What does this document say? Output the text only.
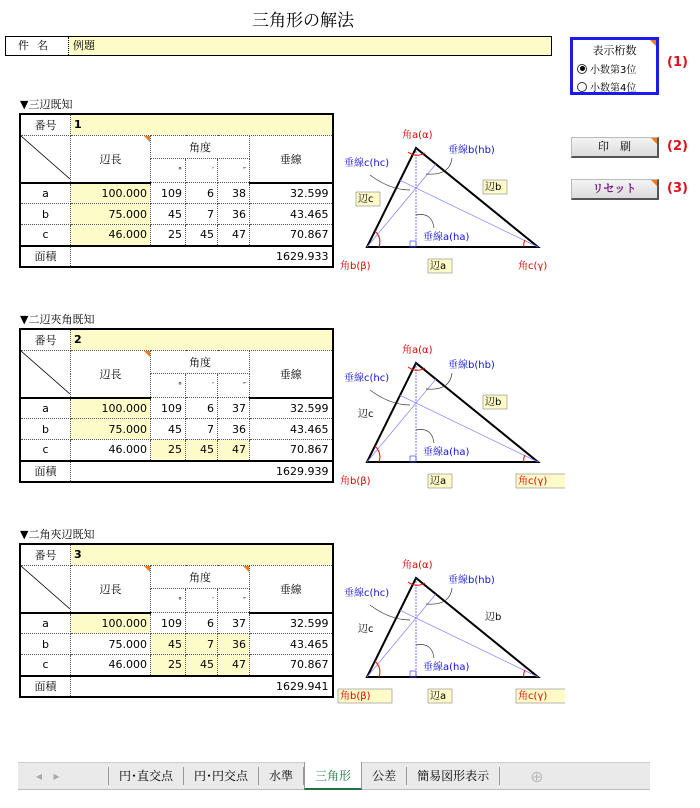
三角形の解法
件名	例題	表示桁数
小数第3位
小数第4位
(1)
印　刷	(2)
リセット	(3)
▼三辺既知
番号	1				
	辺長	角度			垂線
		°	′	″	
a	100.000	109	6	38	32.599
b	75.000	45	7	36	43.465
c	46.000	25	45	47	70.867
面積	1629.933				
角a(α)
垂線b(hb)
垂線c(hc)
辺b
辺c
垂線a(ha)
角b(β)	辺a	角c(γ)
▼二辺夾角既知
番号	2				
	辺長	角度			垂線
		°	′	″	
a	100.000	109	6	37	32.599
b	75.000	45	7	36	43.465
c	46.000	25	45	47	70.867
面積	1629.939				
角a(α)
垂線b(hb)
垂線c(hc)
辺b
辺c
垂線a(ha)
角b(β)	辺a	角c(γ)
▼二角夾辺既知
番号	3				
	辺長	角度			垂線
		°	′	″	
a	100.000	109	6	37	32.599
b	75.000	45	7	36	43.465
c	46.000	25	45	47	70.867
面積	1629.941				
角a(α)
垂線b(hb)
垂線c(hc)
辺b
辺c
垂線a(ha)
角b(β)	辺a	角c(γ)
◂   ▸	円･直交点	円･円交点	水準	三角形	公差	簡易図形表示	⊕
